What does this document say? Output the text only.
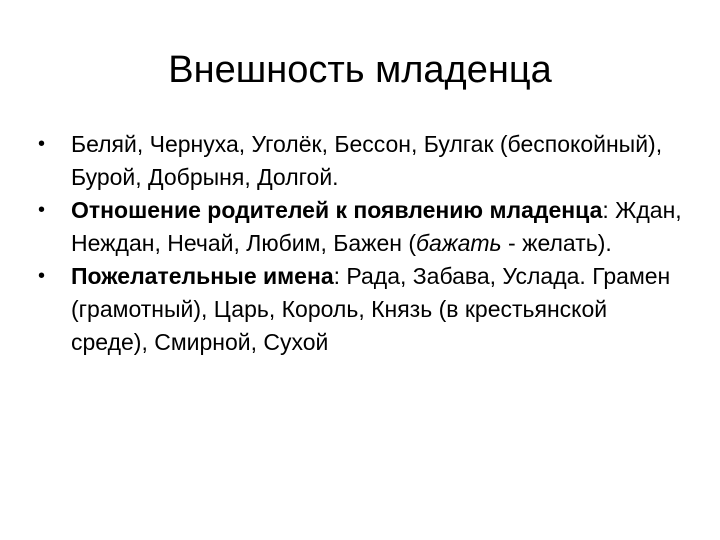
Внешность младенца
•	Беляй, Чернуха, Уголёк, Бессон, Булгак (беспокойный), Бурой, Добрыня, Долгой.
•	Отношение родителей к появлению младенца: Ждан, Неждан, Нечай, Любим, Бажен (бажать - желать).
•	Пожелательные имена: Рада, Забава, Услада. Грамен (грамотный), Царь, Король, Князь (в крестьянской среде), Смирной, Сухой
